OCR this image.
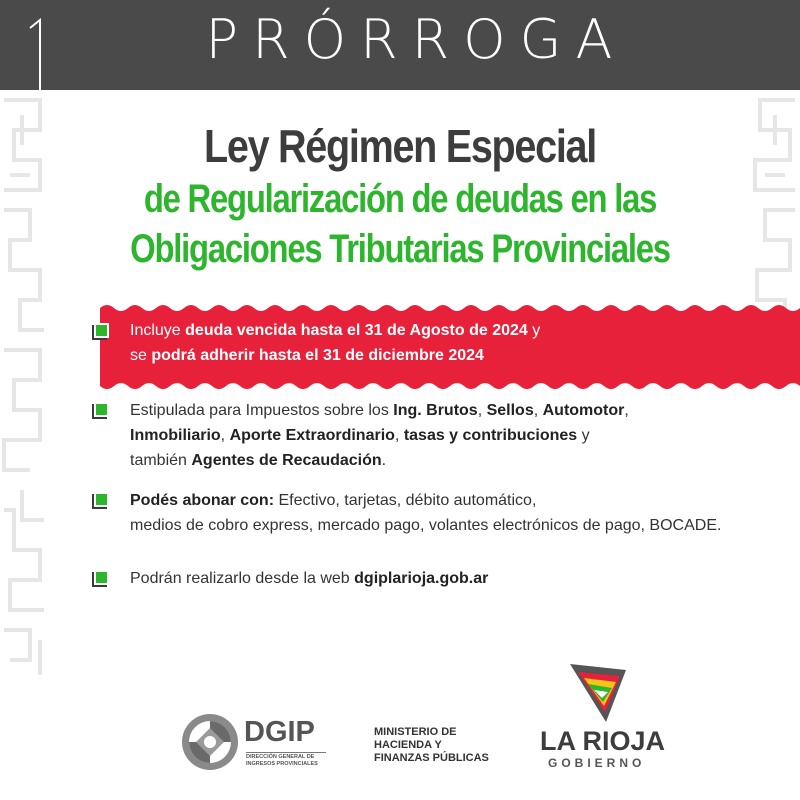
PRÓRROGA
Ley Régimen Especial
de Regularización de deudas en las
Obligaciones Tributarias Provinciales
Incluye deuda vencida hasta el 31 de Agosto de 2024 y
se podrá adherir hasta el 31 de diciembre 2024
Estipulada para Impuestos sobre los Ing. Brutos, Sellos, Automotor,
Inmobiliario, Aporte Extraordinario, tasas y contribuciones y
también Agentes de Recaudación.
Podés abonar con: Efectivo, tarjetas, débito automático,
medios de cobro express, mercado pago, volantes electrónicos de pago, BOCADE.
Podrán realizarlo desde la web dgiplarioja.gob.ar
DGIP
DIRECCIÓN GENERAL DE
INGRESOS PROVINCIALES
MINISTERIO DE
HACIENDA Y
FINANZAS PÚBLICAS
LA RIOJA
GOBIERNO
